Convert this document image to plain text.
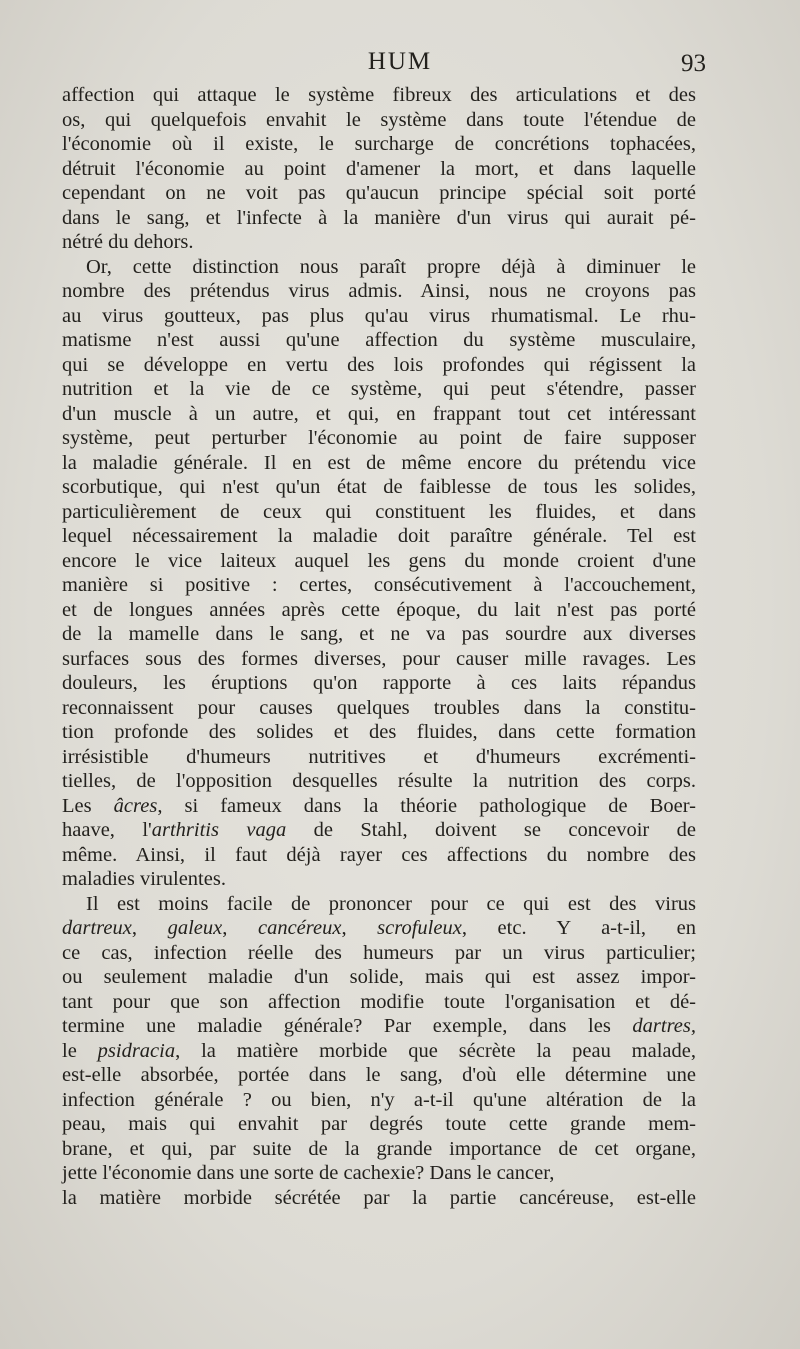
HUM	93
affection qui attaque le système fibreux des articulations et des
os, qui quelquefois envahit le système dans toute l'étendue de
l'économie où il existe, le surcharge de concrétions tophacées,
détruit l'économie au point d'amener la mort, et dans laquelle
cependant on ne voit pas qu'aucun principe spécial soit porté
dans le sang, et l'infecte à la manière d'un virus qui aurait pé-
nétré du dehors.
Or, cette distinction nous paraît propre déjà à diminuer le
nombre des prétendus virus admis. Ainsi, nous ne croyons pas
au virus goutteux, pas plus qu'au virus rhumatismal. Le rhu-
matisme n'est aussi qu'une affection du système musculaire,
qui se développe en vertu des lois profondes qui régissent la
nutrition et la vie de ce système, qui peut s'étendre, passer
d'un muscle à un autre, et qui, en frappant tout cet intéressant
système, peut perturber l'économie au point de faire supposer
la maladie générale. Il en est de même encore du prétendu vice
scorbutique, qui n'est qu'un état de faiblesse de tous les solides,
particulièrement de ceux qui constituent les fluides, et dans
lequel nécessairement la maladie doit paraître générale. Tel est
encore le vice laiteux auquel les gens du monde croient d'une
manière si positive : certes, consécutivement à l'accouchement,
et de longues années après cette époque, du lait n'est pas porté
de la mamelle dans le sang, et ne va pas sourdre aux diverses
surfaces sous des formes diverses, pour causer mille ravages. Les
douleurs, les éruptions qu'on rapporte à ces laits répandus
reconnaissent pour causes quelques troubles dans la constitu-
tion profonde des solides et des fluides, dans cette formation
irrésistible d'humeurs nutritives et d'humeurs excrémenti-
tielles, de l'opposition desquelles résulte la nutrition des corps.
Les âcres, si fameux dans la théorie pathologique de Boer-
haave, l'arthritis vaga de Stahl, doivent se concevoir de
même. Ainsi, il faut déjà rayer ces affections du nombre des
maladies virulentes.
Il est moins facile de prononcer pour ce qui est des virus
dartreux, galeux, cancéreux, scrofuleux, etc. Y a-t-il, en
ce cas, infection réelle des humeurs par un virus particulier;
ou seulement maladie d'un solide, mais qui est assez impor-
tant pour que son affection modifie toute l'organisation et dé-
termine une maladie générale? Par exemple, dans les dartres,
le psidracia, la matière morbide que sécrète la peau malade,
est-elle absorbée, portée dans le sang, d'où elle détermine une
infection générale ? ou bien, n'y a-t-il qu'une altération de la
peau, mais qui envahit par degrés toute cette grande mem-
brane, et qui, par suite de la grande importance de cet organe,
jette l'économie dans une sorte de cachexie? Dans le cancer,
la matière morbide sécrétée par la partie cancéreuse, est-elle
